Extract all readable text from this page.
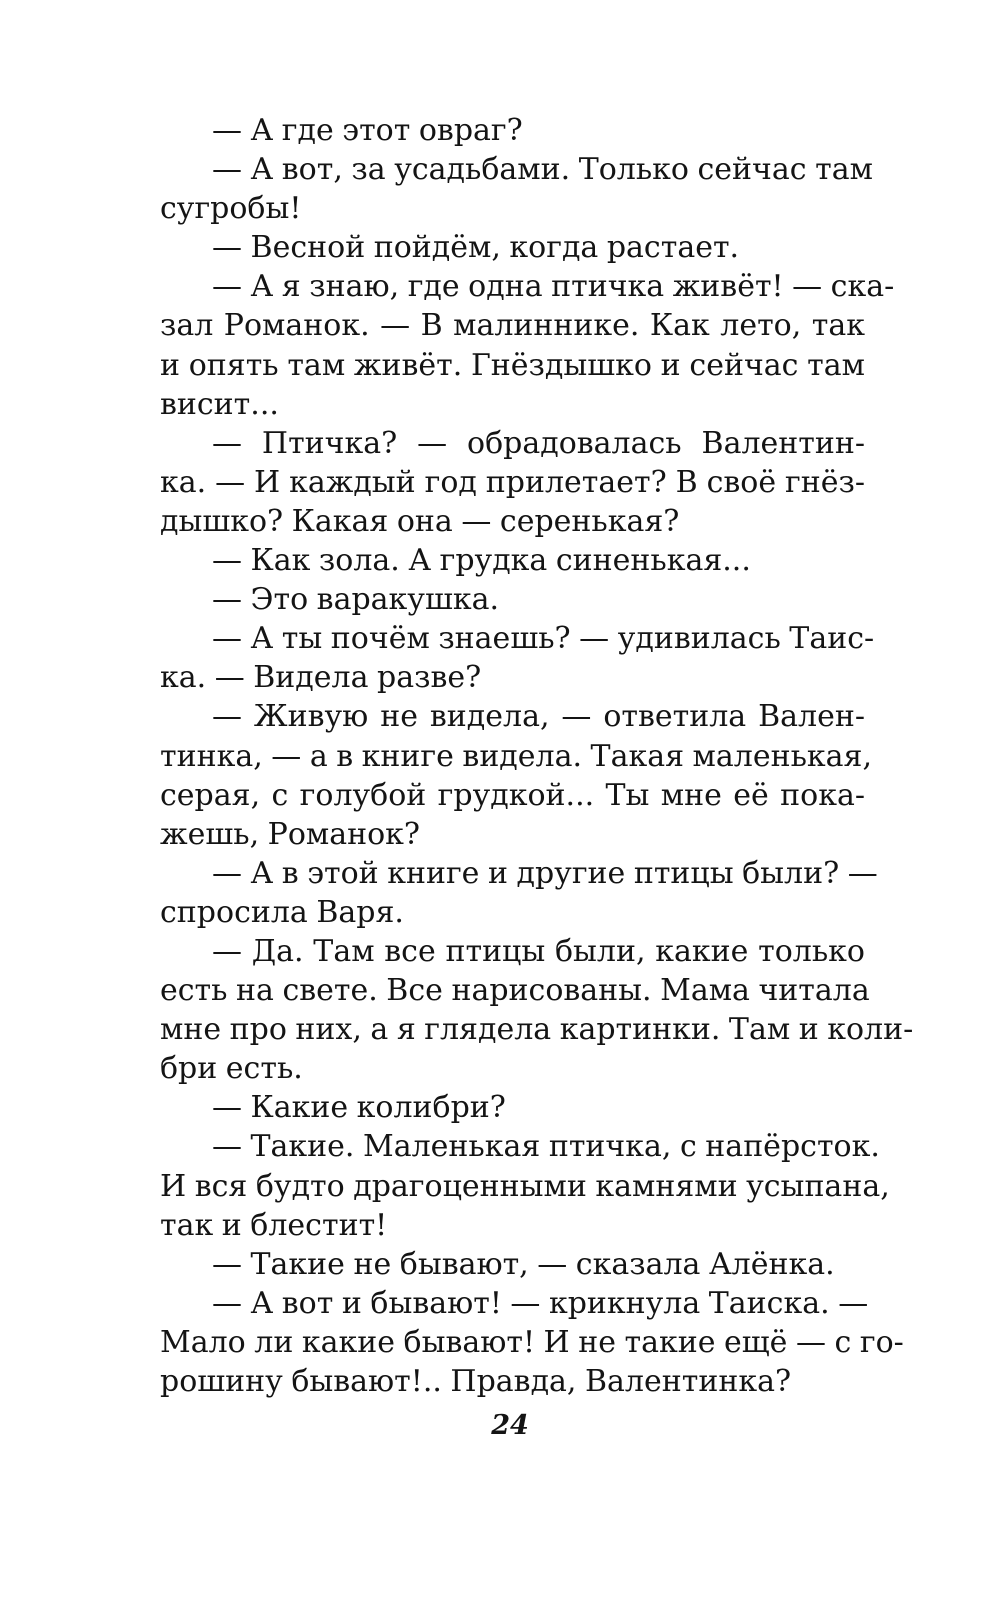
— А где этот овраг?
— А вот, за усадьбами. Только сейчас там
сугробы!
— Весной пойдём, когда растает.
— А я знаю, где одна птичка живёт! — ска-
зал Романок. — В малиннике. Как лето, так
и опять там живёт. Гнёздышко и сейчас там
висит...
— Птичка? — обрадовалась Валентин-
ка. — И каждый год прилетает? В своё гнёз-
дышко? Какая она — серенькая?
— Как зола. А грудка синенькая...
— Это варакушка.
— А ты почём знаешь? — удивилась Таис-
ка. — Видела разве?
— Живую не видела, — ответила Вален-
тинка, — а в книге видела. Такая маленькая,
серая, с голубой грудкой... Ты мне её пока-
жешь, Романок?
— А в этой книге и другие птицы были? —
спросила Варя.
— Да. Там все птицы были, какие только
есть на свете. Все нарисованы. Мама читала
мне про них, а я глядела картинки. Там и коли-
бри есть.
— Какие колибри?
— Такие. Маленькая птичка, с напёрсток.
И вся будто драгоценными камнями усыпана,
так и блестит!
— Такие не бывают, — сказала Алёнка.
— А вот и бывают! — крикнула Таиска. —
Мало ли какие бывают! И не такие ещё — с го-
рошину бывают!.. Правда, Валентинка?
24
